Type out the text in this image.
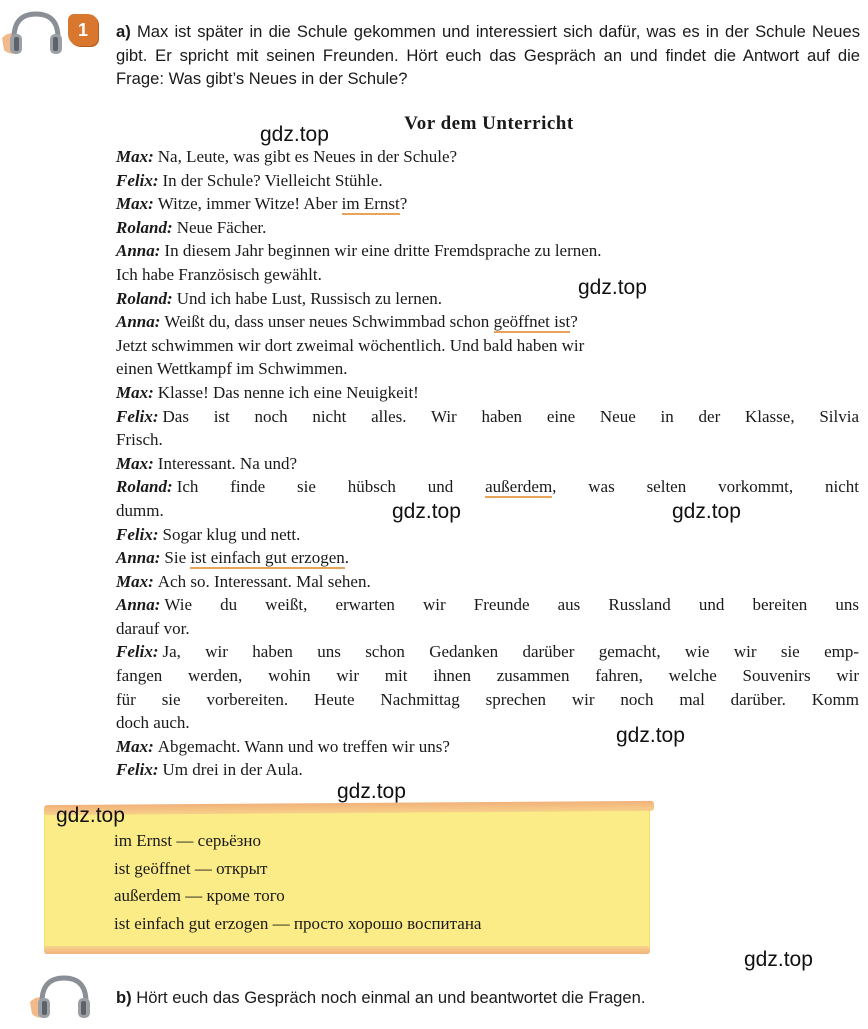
1	a) Max ist später in die Schule gekommen und interessiert sich dafür, was es in der Schule Neues gibt. Er spricht mit seinen Freunden. Hört euch das Gespräch an und findet die Antwort auf die Frage: Was gibt’s Neues in der Schule?
Vor dem Unterricht

Max: Na, Leute, was gibt es Neues in der Schule?

Felix: In der Schule? Vielleicht Stühle.

Max: Witze, immer Witze! Aber im Ernst?

Roland: Neue Fächer.

Anna: In diesem Jahr beginnen wir eine dritte Fremdsprache zu lernen.

Ich habe Französisch gewählt.

Roland: Und ich habe Lust, Russisch zu lernen.

Anna: Weißt du, dass unser neues Schwimmbad schon geöffnet ist?

Jetzt schwimmen wir dort zweimal wöchentlich. Und bald haben wir

einen Wettkampf im Schwimmen.

Max: Klasse! Das nenne ich eine Neuigkeit!

Felix: Das ist noch nicht alles. Wir haben eine Neue in der Klasse, Silvia

Frisch.

Max: Interessant. Na und?

Roland: Ich finde sie hübsch und außerdem, was selten vorkommt, nicht

dumm.

Felix: Sogar klug und nett.

Anna: Sie ist einfach gut erzogen.

Max: Ach so. Interessant. Mal sehen.

Anna: Wie du weißt, erwarten wir Freunde aus Russland und bereiten uns

darauf vor.

Felix: Ja, wir haben uns schon Gedanken darüber gemacht, wie wir sie emp-

fangen werden, wohin wir mit ihnen zusammen fahren, welche Souvenirs wir

für sie vorbereiten. Heute Nachmittag sprechen wir noch mal darüber. Komm

doch auch.

Max: Abgemacht. Wann und wo treffen wir uns?

Felix: Um drei in der Aula.

im Ernst — серьёзно
ist geöffnet — открыт
außerdem — кроме того
ist einfach gut erzogen — просто хорошо воспитана
b) Hört euch das Gespräch noch einmal an und beantwortet die Fragen.
gdz.top
gdz.top
gdz.top	gdz.top
gdz.top
gdz.top
gdz.top
gdz.top
